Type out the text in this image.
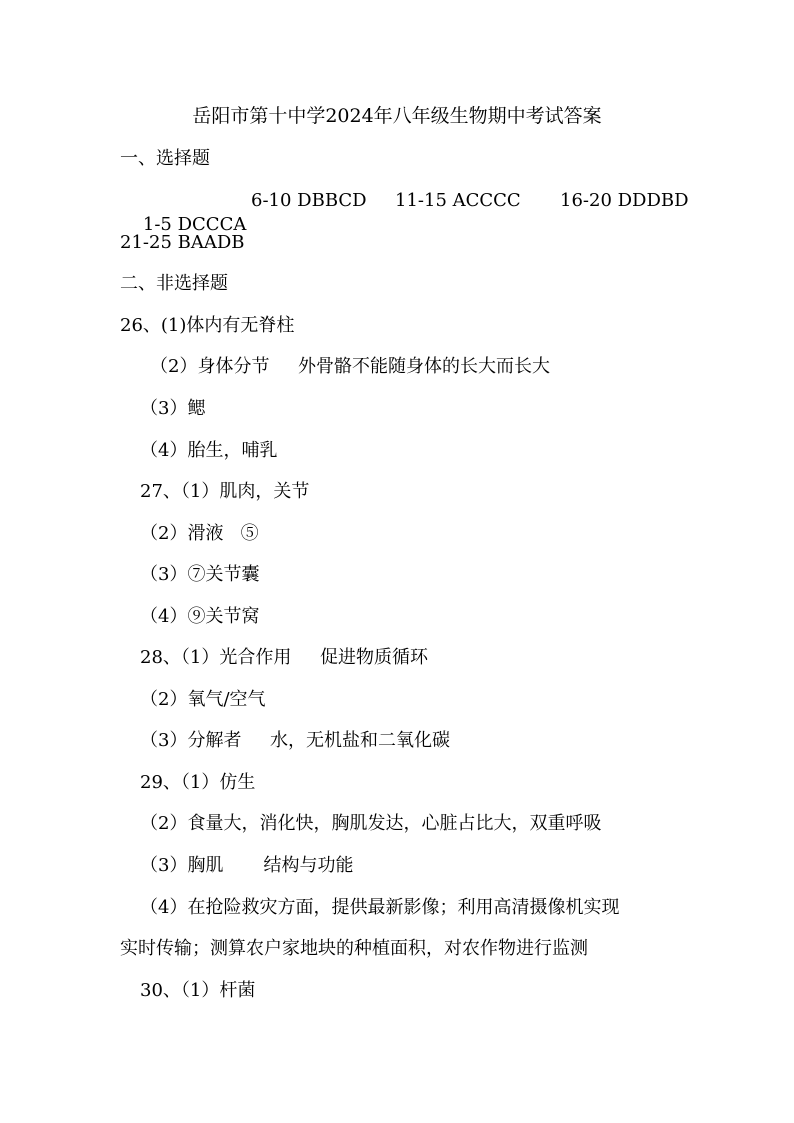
岳阳市第十中学2024年八年级生物期中考试答案

一、选择题

1-5 DCCCA

6-10 DBBCD 11-15 ACCCC 16-20 DDDBD

21-25 BAADB

二、非选择题

26、(1)体内有无脊柱

（2）身体分节     外骨骼不能随身体的长大而长大

（3）鳃

（4）胎生，哺乳

27、（1）肌肉，关节

（2）滑液   ⑤

（3）⑦关节囊

（4）⑨关节窝

28、（1）光合作用     促进物质循环

（2）氧气/空气

（3）分解者     水，无机盐和二氧化碳

29、（1）仿生

（2）食量大，消化快，胸肌发达，心脏占比大，双重呼吸

（3）胸肌       结构与功能

（4）在抢险救灾方面，提供最新影像；利用高清摄像机实现

实时传输；测算农户家地块的种植面积，对农作物进行监测

30、（1）杆菌
